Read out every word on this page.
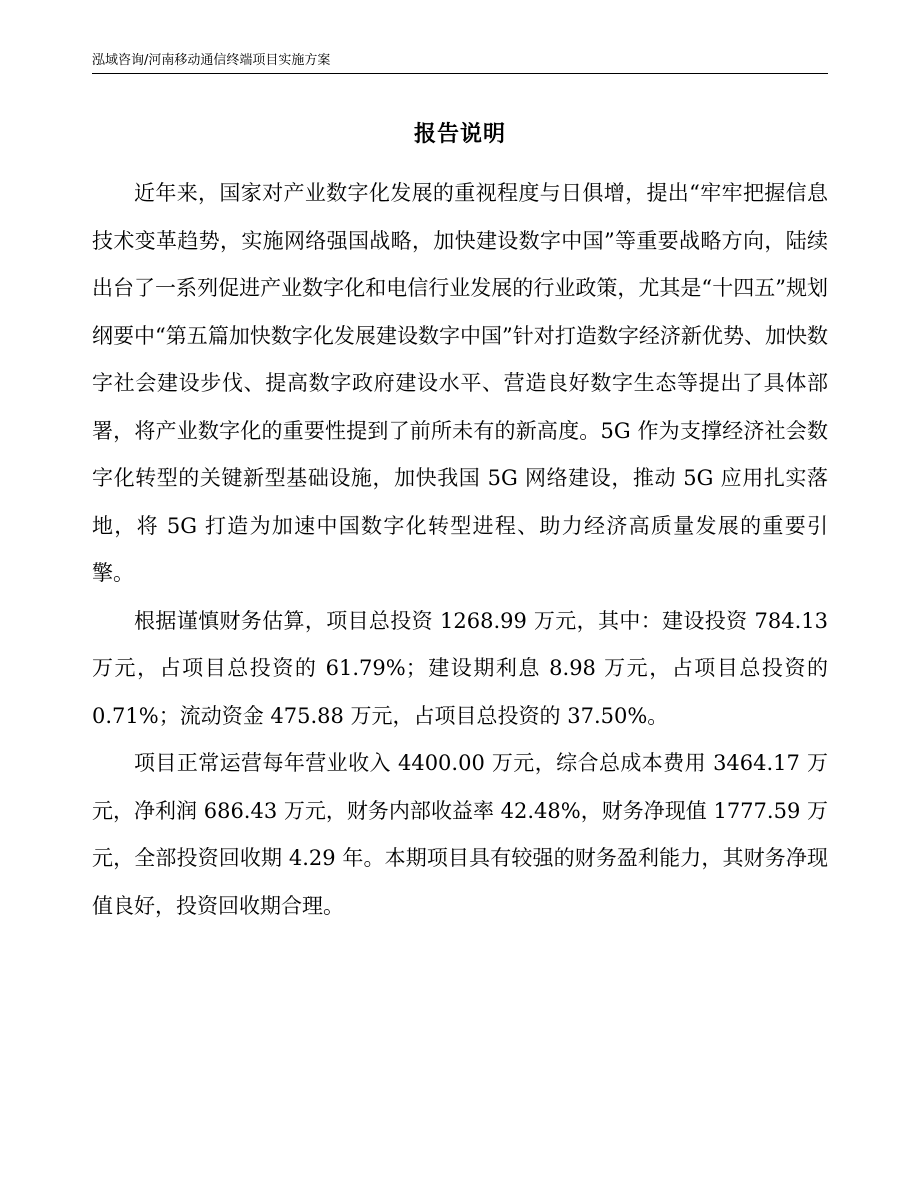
泓域咨询/河南移动通信终端项目实施方案
报告说明

近年来，国家对产业数字化发展的重视程度与日俱增，提出“牢牢把握信息技术变革趋势，实施网络强国战略，加快建设数字中国”等重要战略方向，陆续出台了一系列促进产业数字化和电信行业发展的行业政策，尤其是“十四五”规划纲要中“第五篇加快数字化发展建设数字中国”针对打造数字经济新优势、加快数字社会建设步伐、提高数字政府建设水平、营造良好数字生态等提出了具体部署，将产业数字化的重要性提到了前所未有的新高度。5G 作为支撑经济社会数字化转型的关键新型基础设施，加快我国 5G 网络建设，推动 5G 应用扎实落地，将 5G 打造为加速中国数字化转型进程、助力经济高质量发展的重要引擎。

根据谨慎财务估算，项目总投资 1268.99 万元，其中：建设投资 784.13 万元，占项目总投资的 61.79%；建设期利息 8.98 万元，占项目总投资的 0.71%；流动资金 475.88 万元，占项目总投资的 37.50%。

项目正常运营每年营业收入 4400.00 万元，综合总成本费用 3464.17 万元，净利润 686.43 万元，财务内部收益率 42.48%，财务净现值 1777.59 万元，全部投资回收期 4.29 年。本期项目具有较强的财务盈利能力，其财务净现值良好，投资回收期合理。
